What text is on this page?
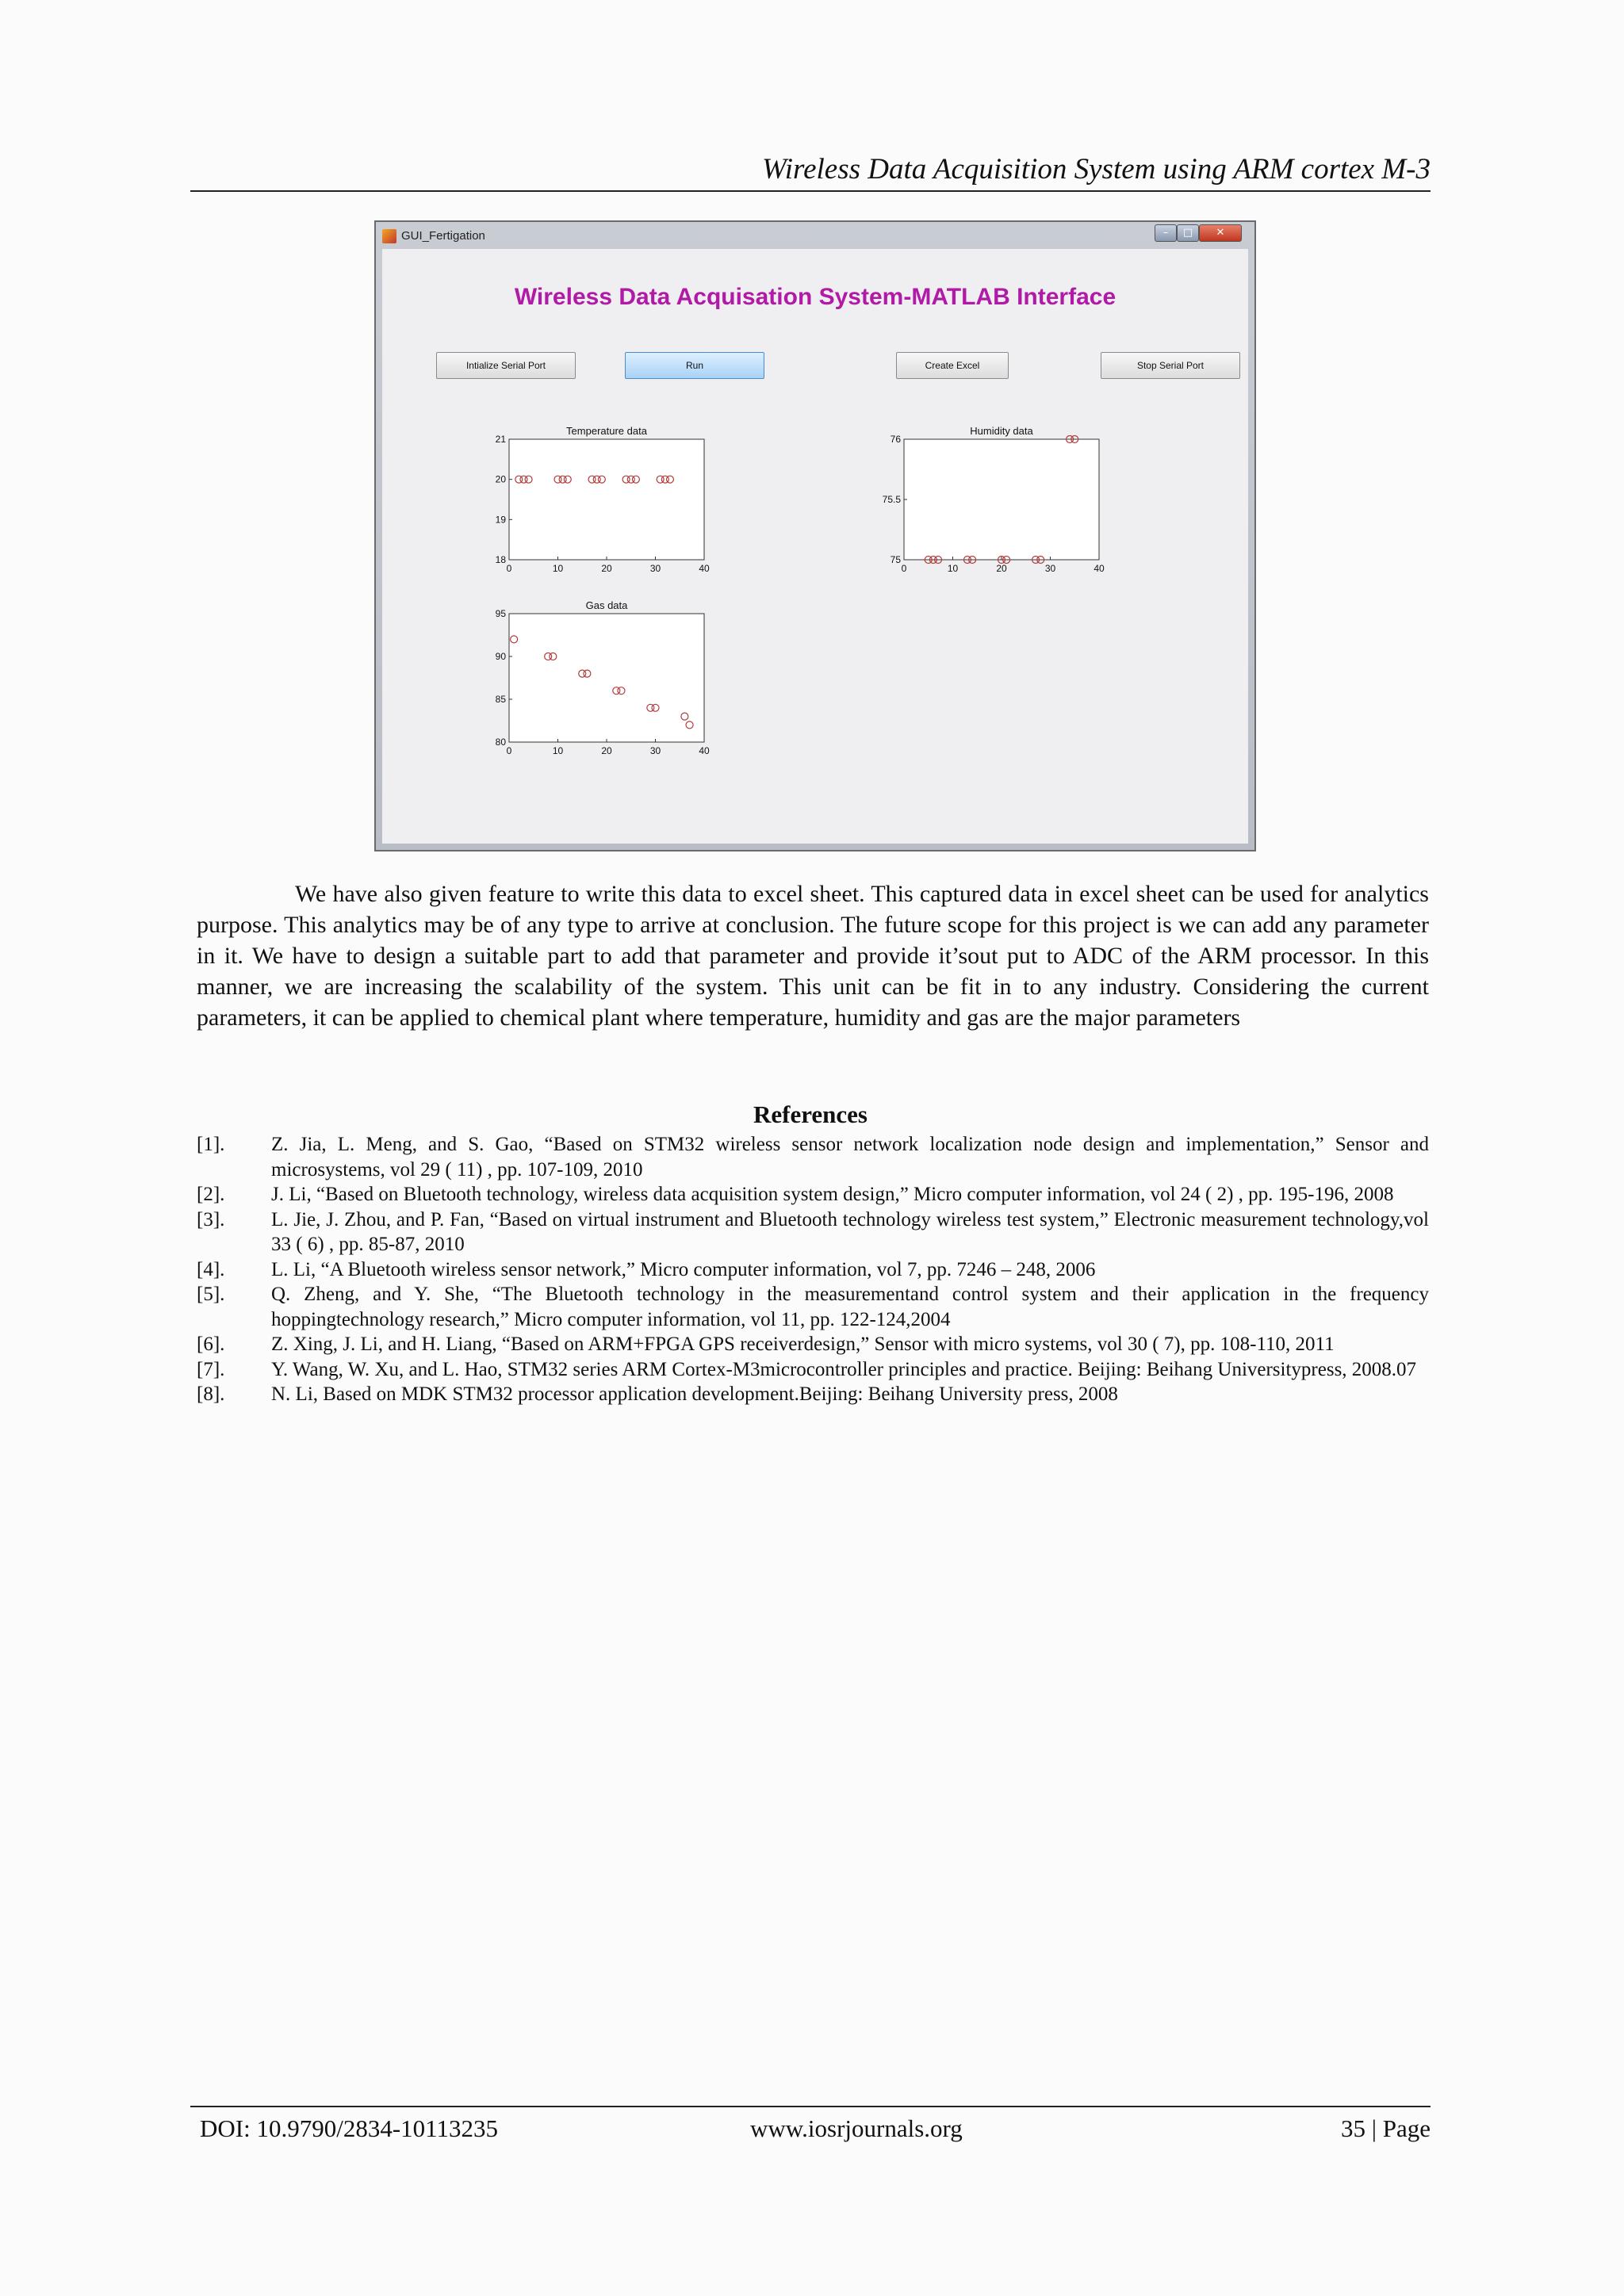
Wireless Data Acquisition System using ARM cortex M-3
GUI_Fertigation	–	□	✕
Wireless Data Acquisation System-MATLAB Interface
Intialize Serial Port	Run	Create Excel	Stop Serial Port
Temperature data
0	10	20	30	40
18
19
20
21
Humidity data
0	10	20	30	40
75
75.5
76
Gas data
0	10	20	30	40
80
85
90
95

We have also given feature to write this data to excel sheet. This captured data in excel sheet can be used for analytics purpose. This analytics may be of any type to arrive at conclusion. The future scope for this project is we can add any parameter in it. We have to design a suitable part to add that parameter and provide it’sout put to ADC of the ARM processor. In this manner, we are increasing the scalability of the system. This unit can be fit in to any industry. Considering the current parameters, it can be applied to chemical plant where temperature, humidity and gas are the major parameters

References
[1]. Z. Jia, L. Meng, and S. Gao, “Based on STM32 wireless sensor network localization node design and implementation,” Sensor and microsystems, vol 29 ( 11) , pp. 107-109, 2010
[2]. J. Li, “Based on Bluetooth technology, wireless data acquisition system design,” Micro computer information, vol 24 ( 2) , pp. 195-196, 2008
[3]. L. Jie, J. Zhou, and P. Fan, “Based on virtual instrument and Bluetooth technology wireless test system,” Electronic measurement technology,vol 33 ( 6) , pp. 85-87, 2010
[4]. L. Li, “A Bluetooth wireless sensor network,” Micro computer information, vol 7, pp. 7246 – 248, 2006
[5]. Q. Zheng, and Y. She, “The Bluetooth technology in the measurementand control system and their application in the frequency hoppingtechnology research,” Micro computer information, vol 11, pp. 122-124,2004
[6]. Z. Xing, J. Li, and H. Liang, “Based on ARM+FPGA GPS receiverdesign,” Sensor with micro systems, vol 30 ( 7), pp. 108-110, 2011
[7]. Y. Wang, W. Xu, and L. Hao, STM32 series ARM Cortex-M3microcontroller principles and practice. Beijing: Beihang Universitypress, 2008.07
[8]. N. Li, Based on MDK STM32 processor application development.Beijing: Beihang University press, 2008
DOI: 10.9790/2834-10113235	www.iosrjournals.org	35 | Page
